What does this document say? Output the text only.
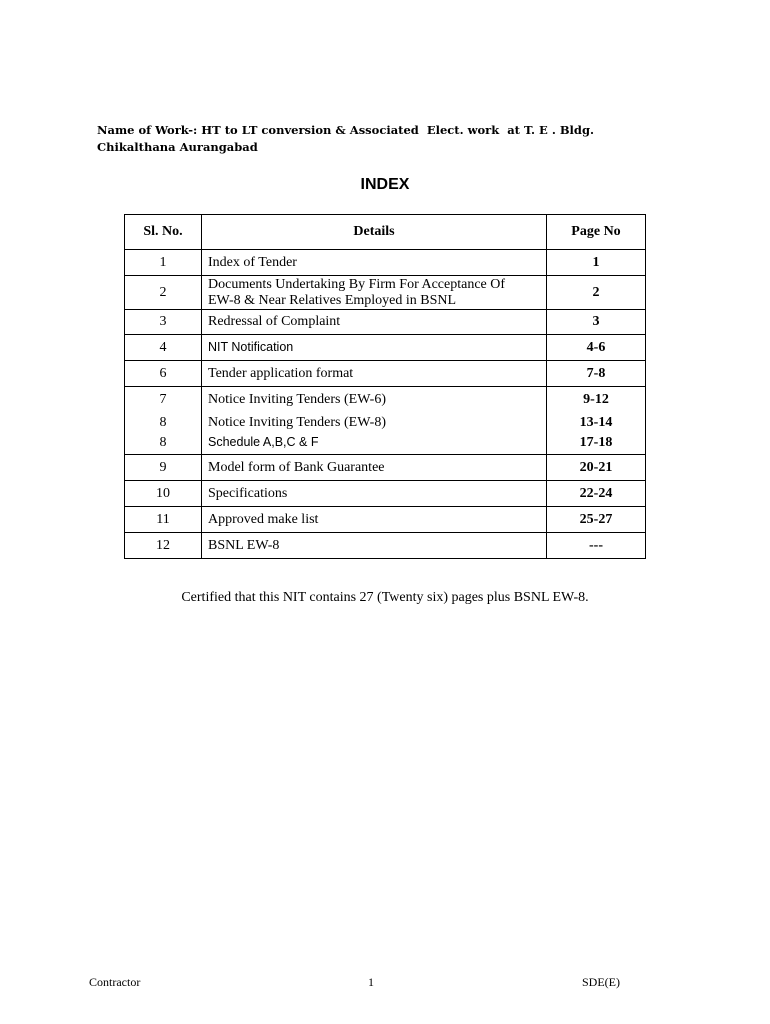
Name of Work-: HT to LT conversion & Associated  Elect. work  at T. E . Bldg.
Chikalthana Aurangabad
INDEX
Sl. No.	Details	Page No
1	Index of Tender	1
2	Documents Undertaking By Firm For Acceptance Of
EW-8 & Near Relatives Employed in BSNL	2
3	Redressal of Complaint	3
4	NIT Notification	4-6
6	Tender application format	7-8
7	Notice Inviting Tenders (EW-6)	9-12
8	Notice Inviting Tenders (EW-8)	13-14
8	Schedule A,B,C & F	17-18
9	Model form of Bank Guarantee	20-21
10	Specifications	22-24
11	Approved make list	25-27
12	BSNL EW-8	---
Certified that this NIT contains 27 (Twenty six) pages plus BSNL EW-8.
Contractor	1	SDE(E)
